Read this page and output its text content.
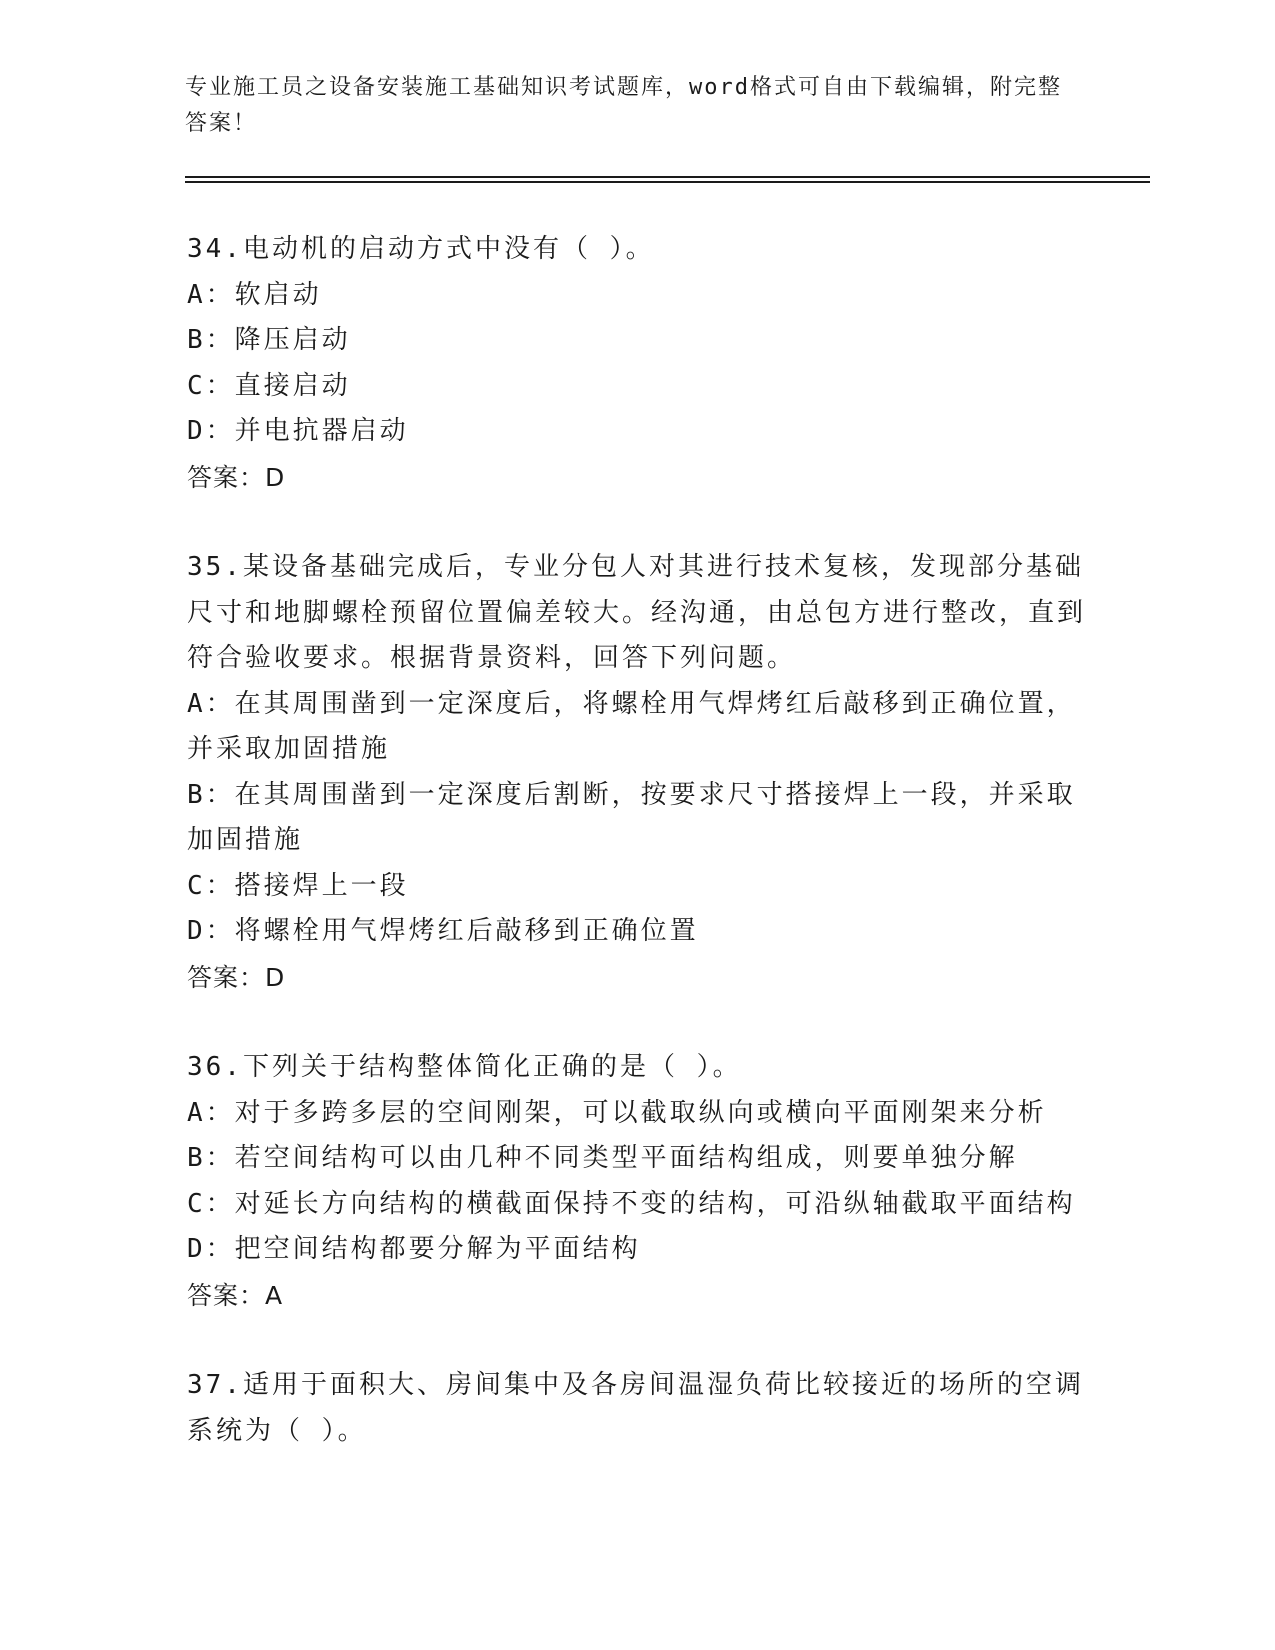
专业施工员之设备安装施工基础知识考试题库，word格式可自由下载编辑，附完整答案！

34.电动机的启动方式中没有（ ）。

A：软启动

B：降压启动

C：直接启动

D：并电抗器启动

答案：D

35.某设备基础完成后，专业分包人对其进行技术复核，发现部分基础尺寸和地脚螺栓预留位置偏差较大。经沟通，由总包方进行整改，直到符合验收要求。根据背景资料，回答下列问题。

A：在其周围凿到一定深度后，将螺栓用气焊烤红后敲移到正确位置，并采取加固措施

B：在其周围凿到一定深度后割断，按要求尺寸搭接焊上一段，并采取加固措施

C：搭接焊上一段

D：将螺栓用气焊烤红后敲移到正确位置

答案：D

36.下列关于结构整体简化正确的是（ ）。

A：对于多跨多层的空间刚架，可以截取纵向或横向平面刚架来分析

B：若空间结构可以由几种不同类型平面结构组成，则要单独分解

C：对延长方向结构的横截面保持不变的结构，可沿纵轴截取平面结构

D：把空间结构都要分解为平面结构

答案：A

37.适用于面积大、房间集中及各房间温湿负荷比较接近的场所的空调系统为（ ）。
